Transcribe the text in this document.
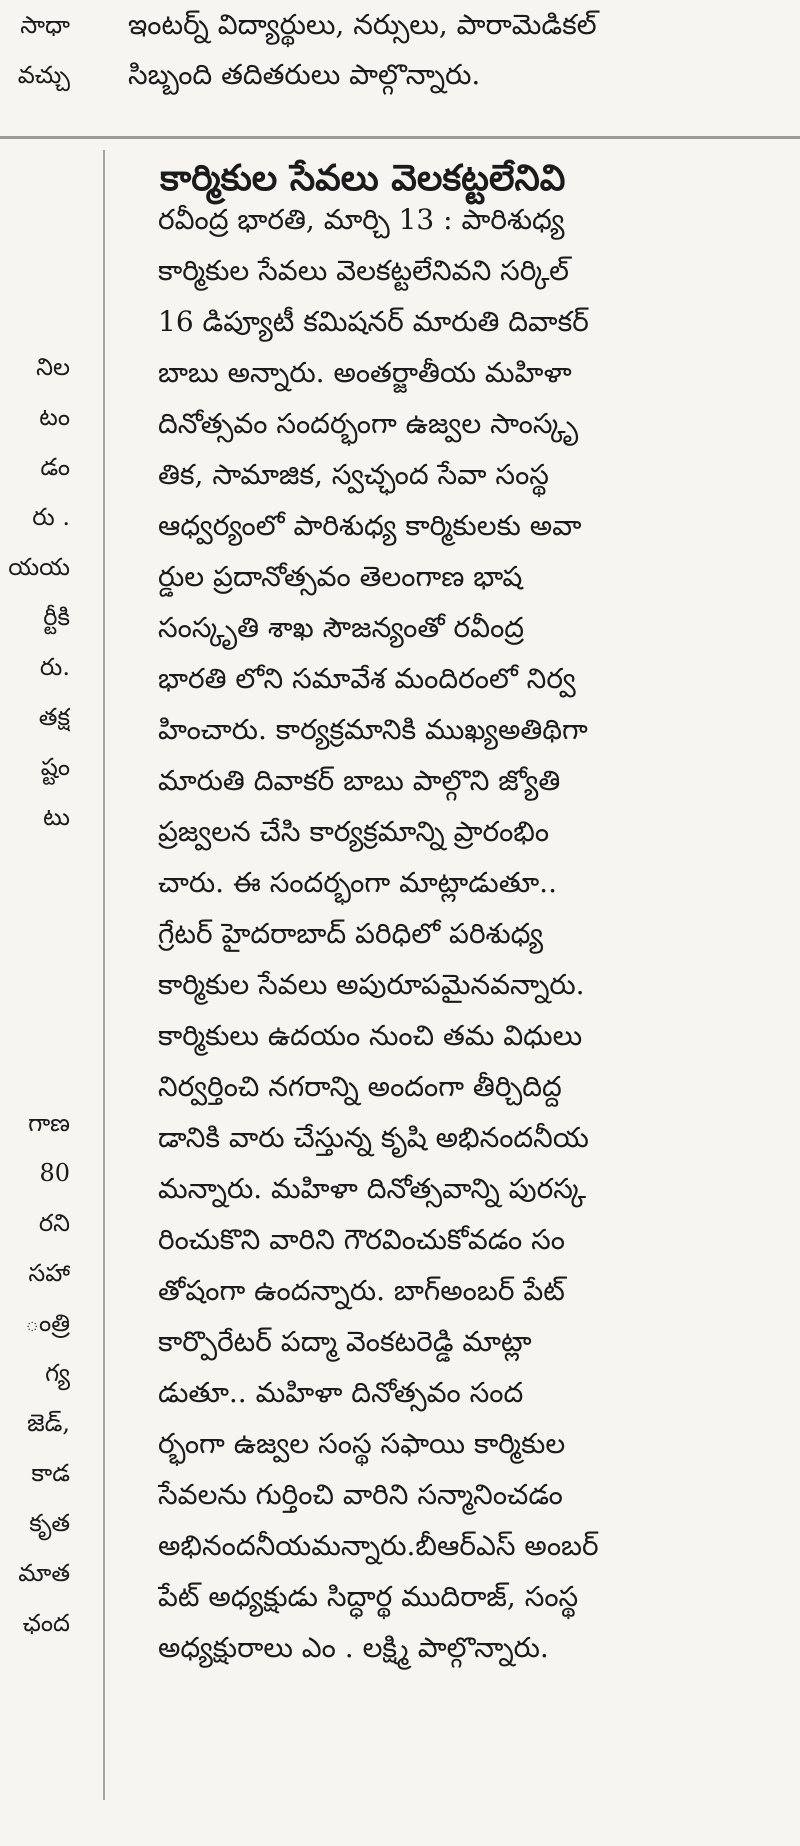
సాధా
వచ్చు
ఇంటర్న్ విద్యార్థులు, నర్సులు, పారామెడికల్
సిబ్బంది తదితరులు పాల్గొన్నారు.
నిల
టం
డం
రు .
యయ
ర్టీకి
రు.
తక్ష
ష్టం
టు
గాణ
80
రని
సహా
ంత్రి
గ్య
జెడ్,
కాడ
కృత
మాత
ఛంద
కార్మికుల సేవలు వెలకట్టలేనివి
రవీంద్ర భారతి, మార్చి 13 : పారిశుధ్య
కార్మికుల సేవలు వెలకట్టలేనివని సర్కిల్
16 డిప్యూటీ కమిషనర్ మారుతి దివాకర్
బాబు అన్నారు. అంతర్జాతీయ మహిళా
దినోత్సవం సందర్భంగా ఉజ్వల సాంస్కృ
తిక, సామాజిక, స్వచ్ఛంద సేవా సంస్థ
ఆధ్వర్యంలో పారిశుధ్య కార్మికులకు అవా
ర్డుల ప్రదానోత్సవం తెలంగాణ భాష
సంస్కృతి శాఖ సౌజన్యంతో రవీంద్ర
భారతి లోని సమావేశ మందిరంలో నిర్వ
హించారు. కార్యక్రమానికి ముఖ్యఅతిథిగా
మారుతి దివాకర్ బాబు పాల్గొని జ్యోతి
ప్రజ్వలన చేసి కార్యక్రమాన్ని ప్రారంభిం
చారు. ఈ సందర్భంగా మాట్లాడుతూ..
గ్రేటర్ హైదరాబాద్ పరిధిలో పరిశుధ్య
కార్మికుల సేవలు అపురూపమైనవన్నారు.
కార్మికులు ఉదయం నుంచి తమ విధులు
నిర్వర్తించి నగరాన్ని అందంగా తీర్చిదిద్ద
డానికి వారు చేస్తున్న కృషి అభినందనీయ
మన్నారు. మహిళా దినోత్సవాన్ని పురస్క
రించుకొని వారిని గౌరవించుకోవడం సం
తోషంగా ఉందన్నారు. బాగ్అంబర్ పేట్
కార్పొరేటర్ పద్మా వెంకటరెడ్డి మాట్లా
డుతూ.. మహిళా దినోత్సవం సంద
ర్భంగా ఉజ్వల సంస్థ సఫాయి కార్మికుల
సేవలను గుర్తించి వారిని సన్మానించడం
అభినందనీయమన్నారు.బీఆర్ఎస్ అంబర్
పేట్ అధ్యక్షుడు సిద్ధార్థ ముదిరాజ్, సంస్థ
అధ్యక్షురాలు ఎం . లక్ష్మి పాల్గొన్నారు.
